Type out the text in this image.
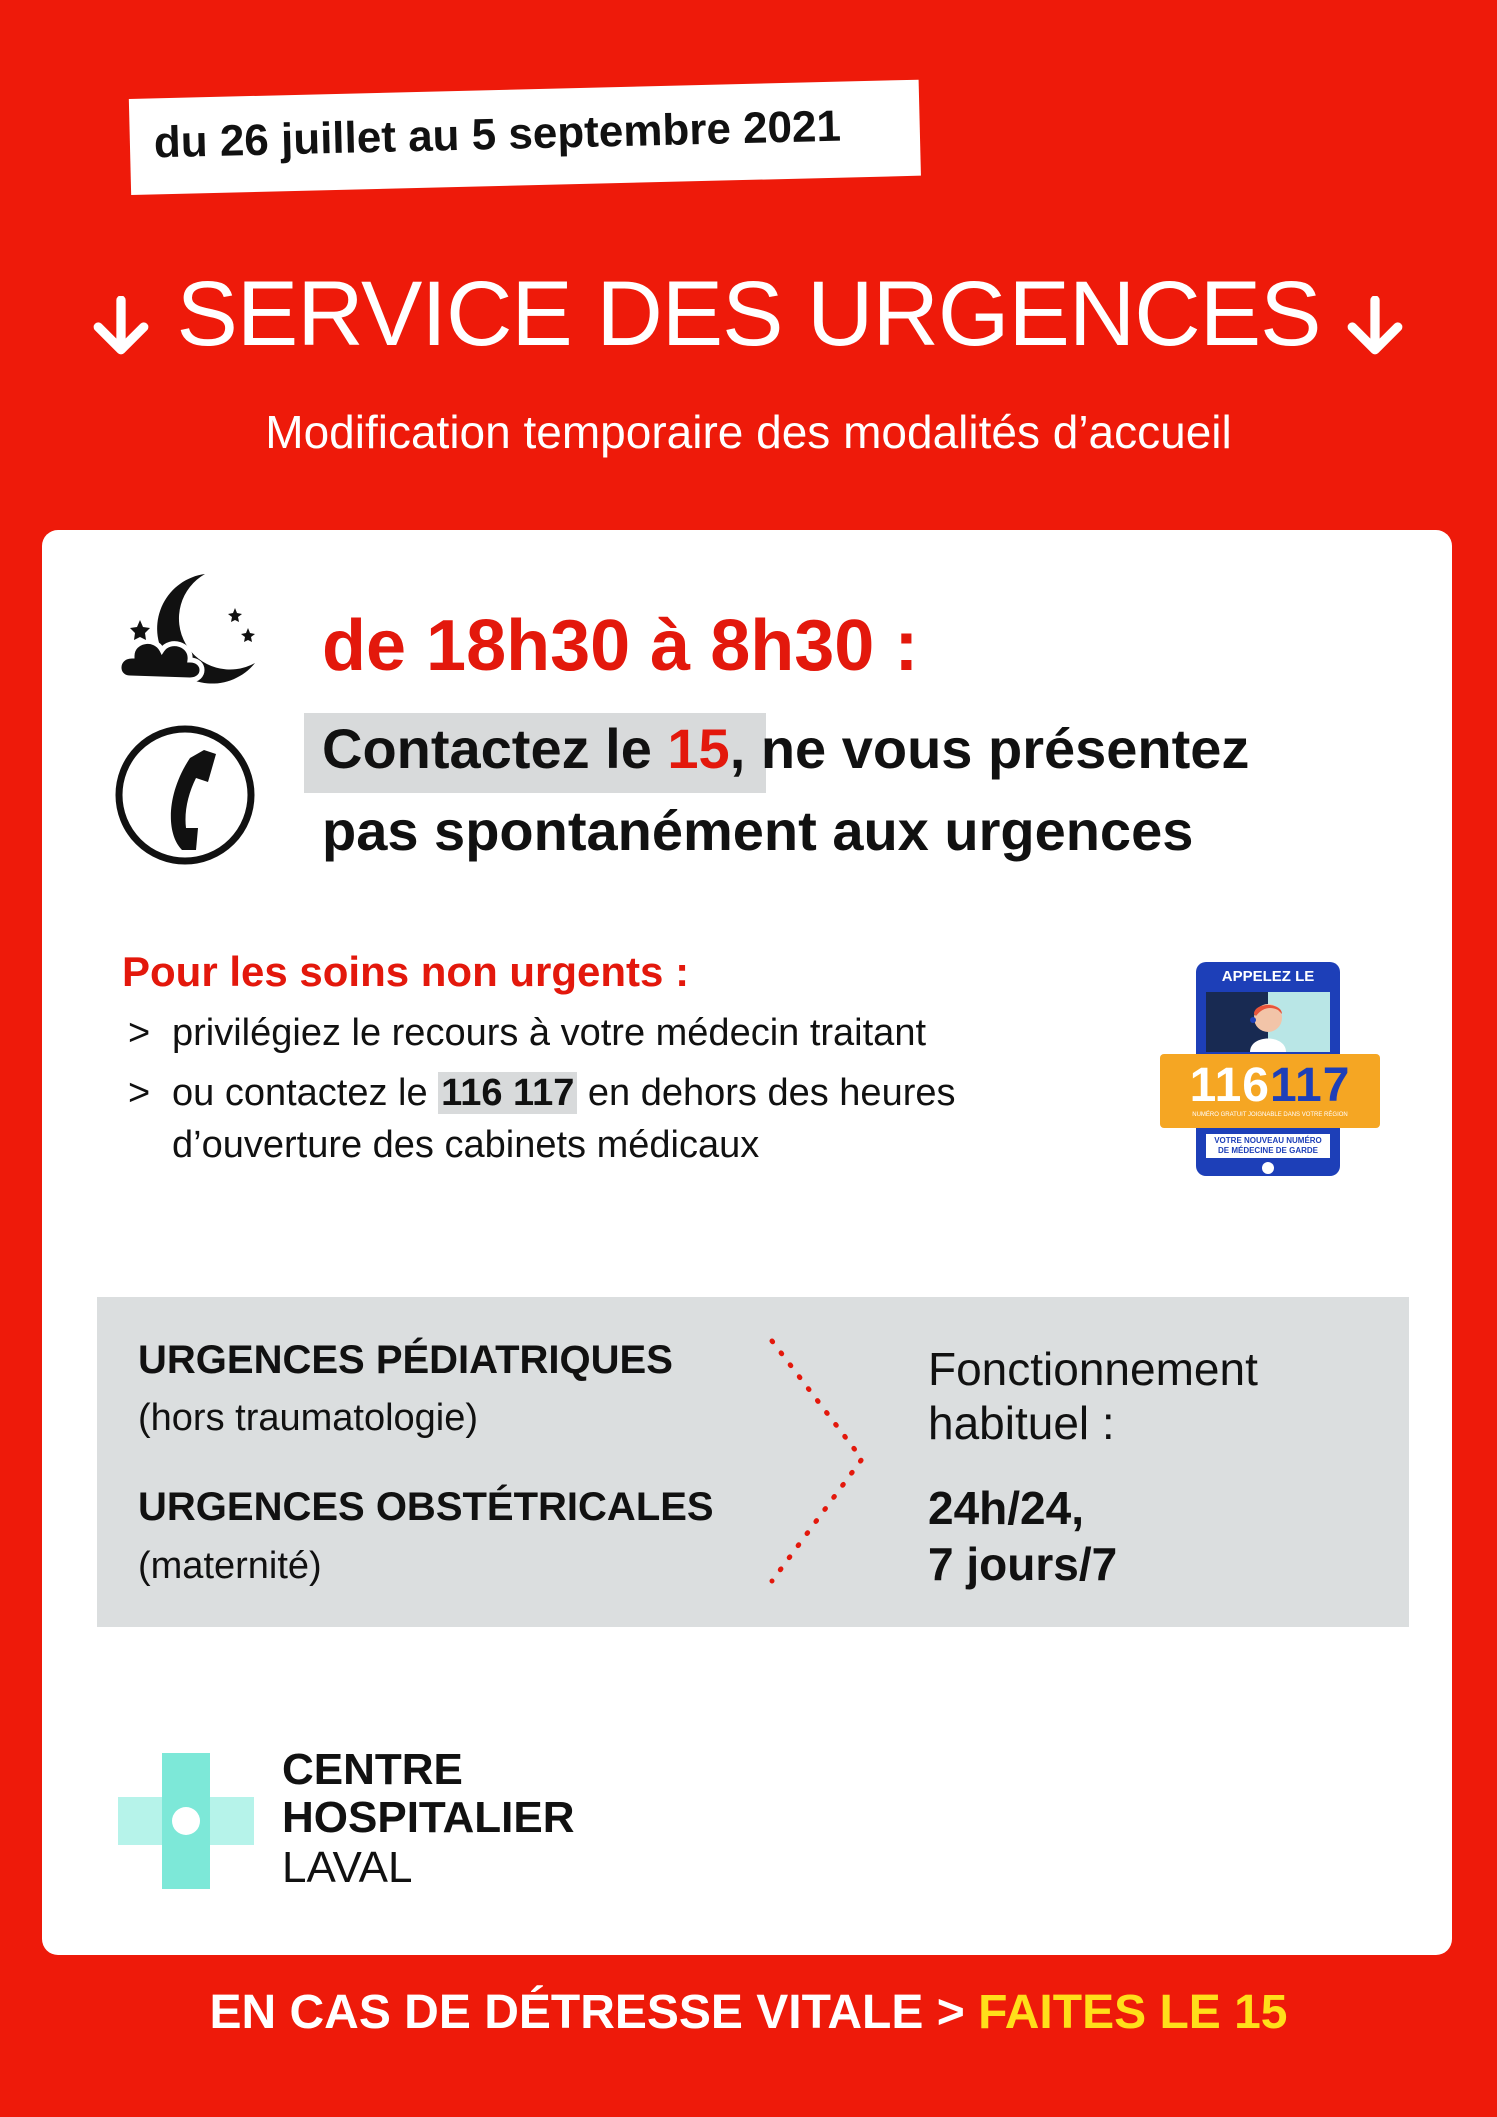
du 26 juillet au 5 septembre 2021
SERVICE DES URGENCES
Modification temporaire des modalités d’accueil
de 18h30 à 8h30 :
Contactez le 15, ne vous présentez
pas spontanément aux urgences
Pour les soins non urgents :
> privilégiez le recours à votre médecin traitant
> ou contactez le 116 117 en dehors des heures
d’ouverture des cabinets médicaux
APPELEZ LE
116117
NUMÉRO GRATUIT JOIGNABLE DANS VOTRE RÉGION
VOTRE NOUVEAU NUMÉRO
DE MÉDECINE DE GARDE
URGENCES PÉDIATRIQUES
(hors traumatologie)
URGENCES OBSTÉTRICALES
(maternité)
Fonctionnement
habituel :
24h/24,
7 jours/7
CENTRE
HOSPITALIER
LAVAL
EN CAS DE DÉTRESSE VITALE > FAITES LE 15
